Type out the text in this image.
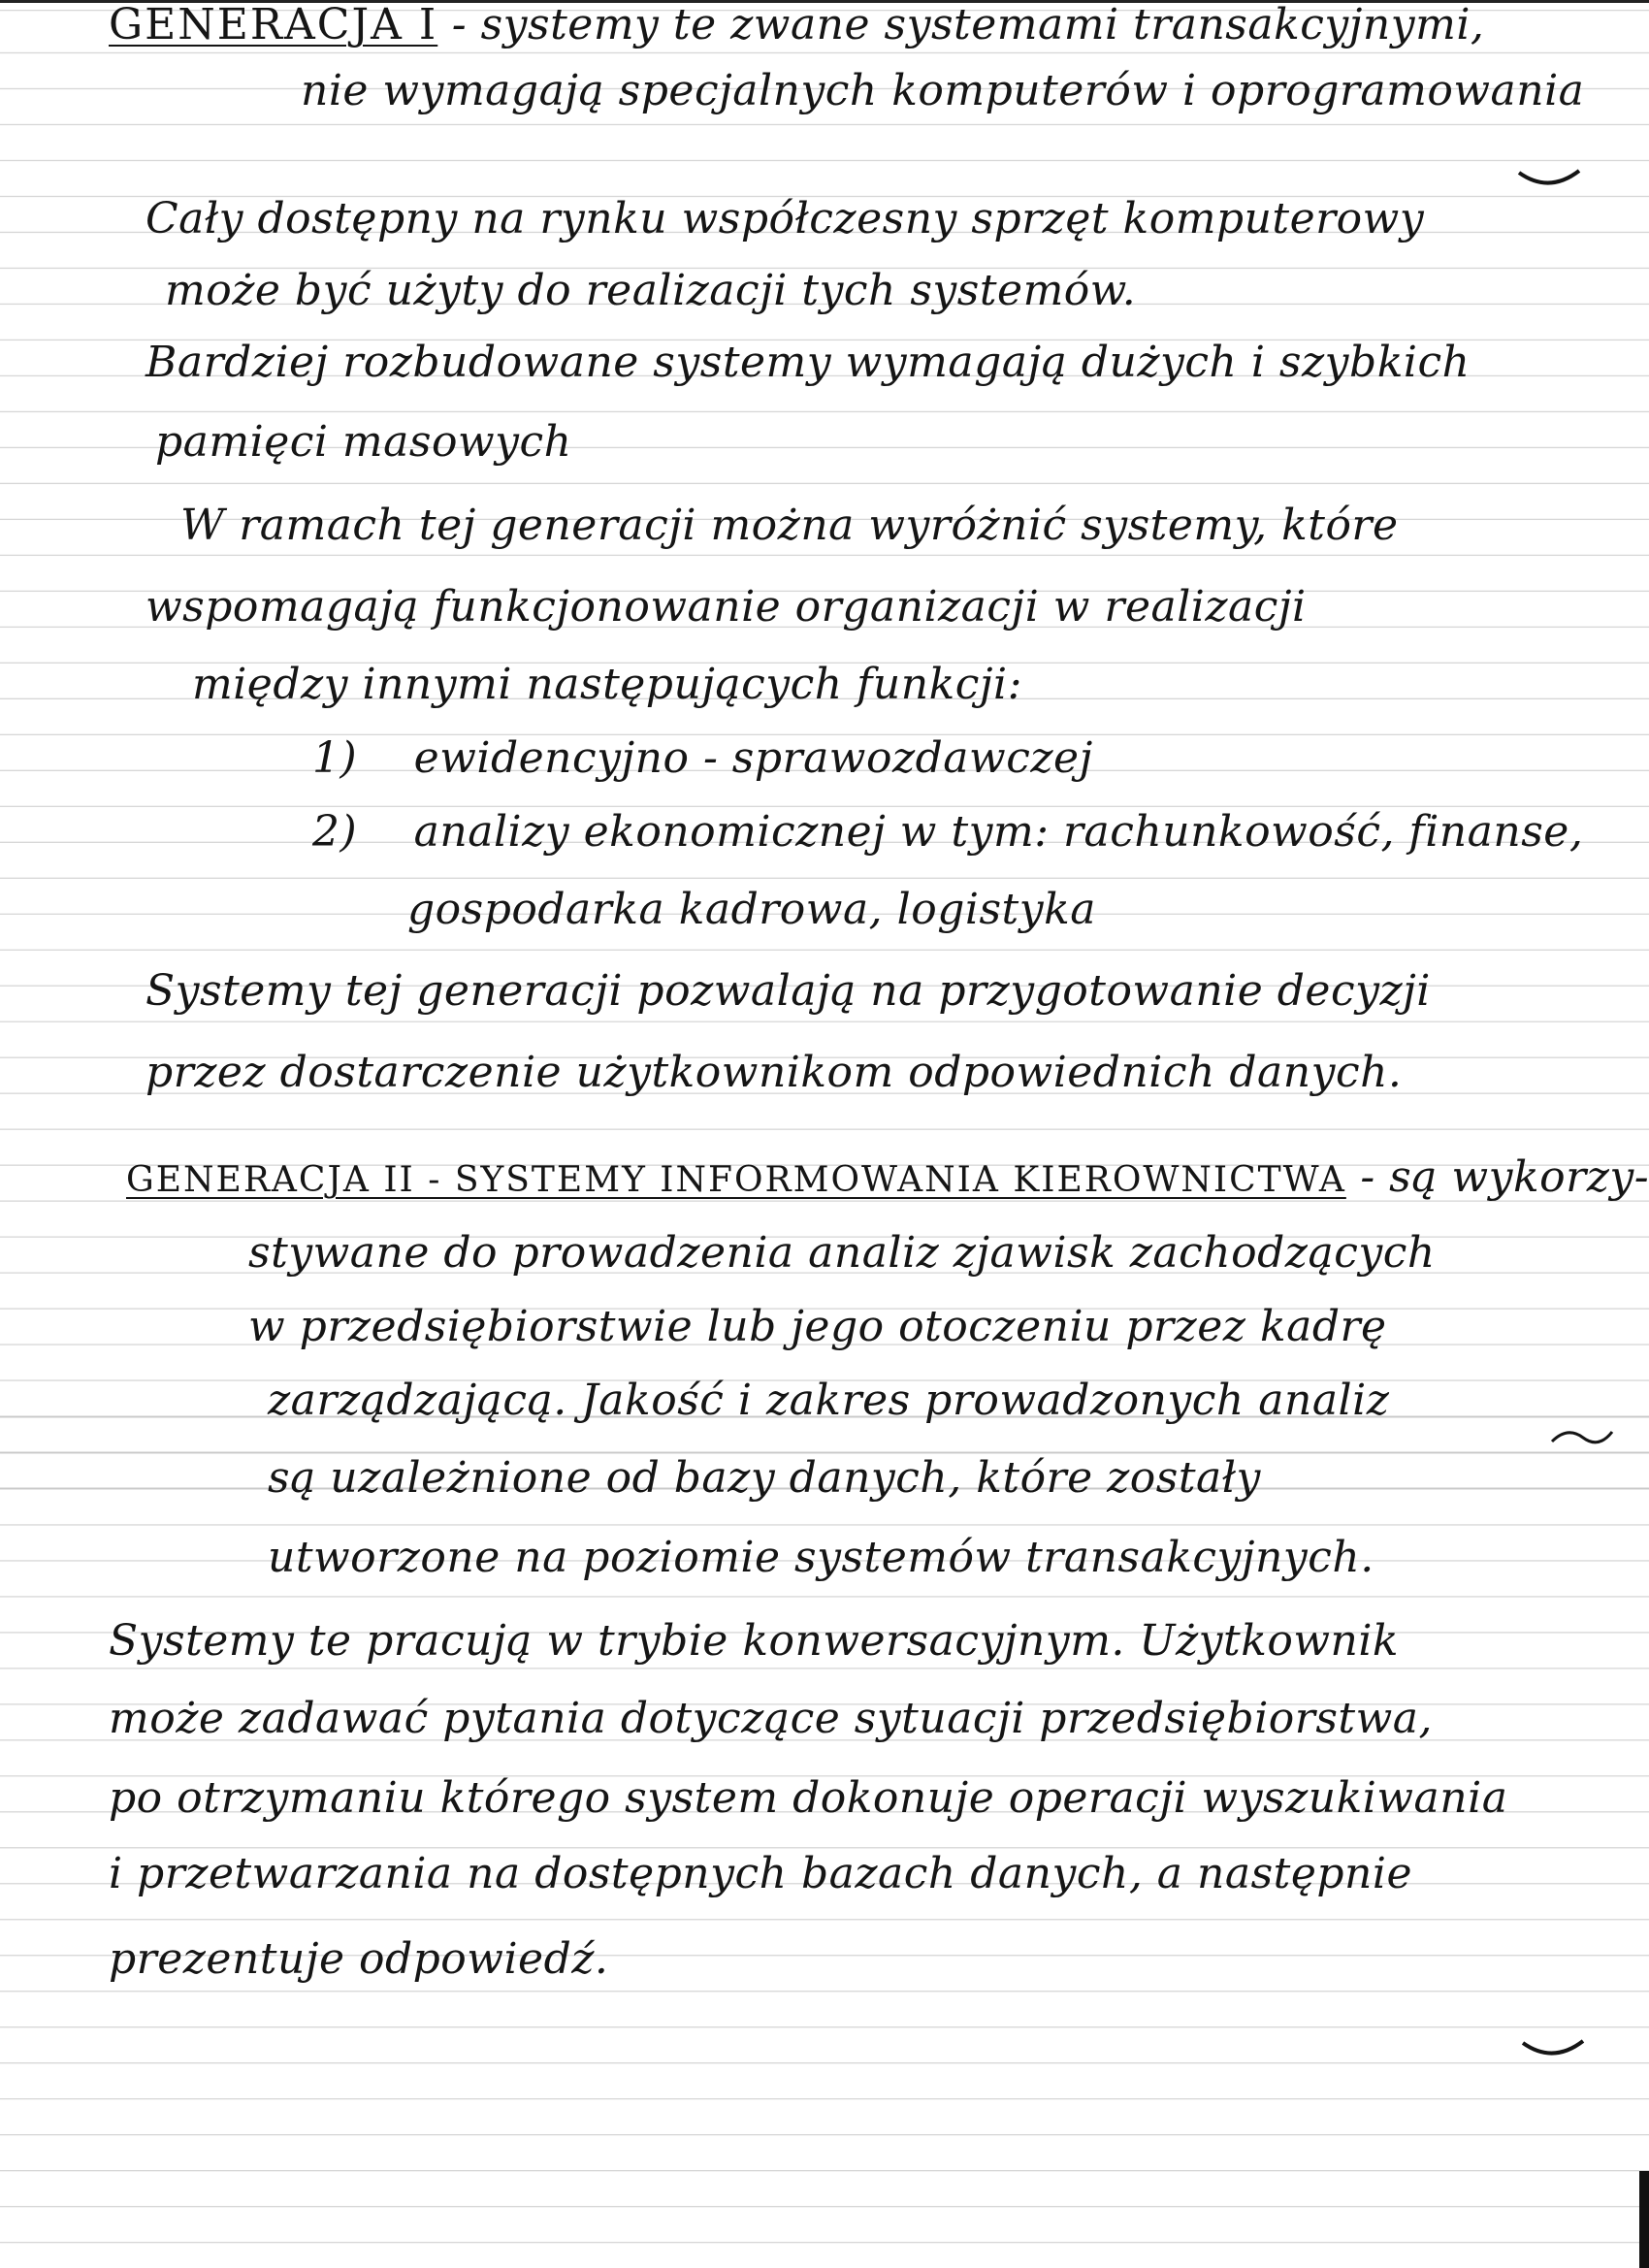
GENERACJA I - systemy te zwane systemami transakcyjnymi,
nie wymagają specjalnych komputerów i oprogramowania
Cały dostępny na rynku współczesny sprzęt komputerowy
może być użyty do realizacji tych systemów.
Bardziej rozbudowane systemy wymagają dużych i szybkich
pamięci masowych
W ramach tej generacji można wyróżnić systemy, które
wspomagają funkcjonowanie organizacji w realizacji
między innymi następujących funkcji:
1) ewidencyjno - sprawozdawczej
2) analizy ekonomicznej w tym: rachunkowość, finanse,
gospodarka kadrowa, logistyka
Systemy tej generacji pozwalają na przygotowanie decyzji
przez dostarczenie użytkownikom odpowiednich danych.
GENERACJA II - SYSTEMY INFORMOWANIA KIEROWNICTWA - są wykorzy-
stywane do prowadzenia analiz zjawisk zachodzących
w przedsiębiorstwie lub jego otoczeniu przez kadrę
zarządzającą. Jakość i zakres prowadzonych analiz
są uzależnione od bazy danych, które zostały
utworzone na poziomie systemów transakcyjnych.
Systemy te pracują w trybie konwersacyjnym. Użytkownik
może zadawać pytania dotyczące sytuacji przedsiębiorstwa,
po otrzymaniu którego system dokonuje operacji wyszukiwania
i przetwarzania na dostępnych bazach danych, a następnie
prezentuje odpowiedź.
